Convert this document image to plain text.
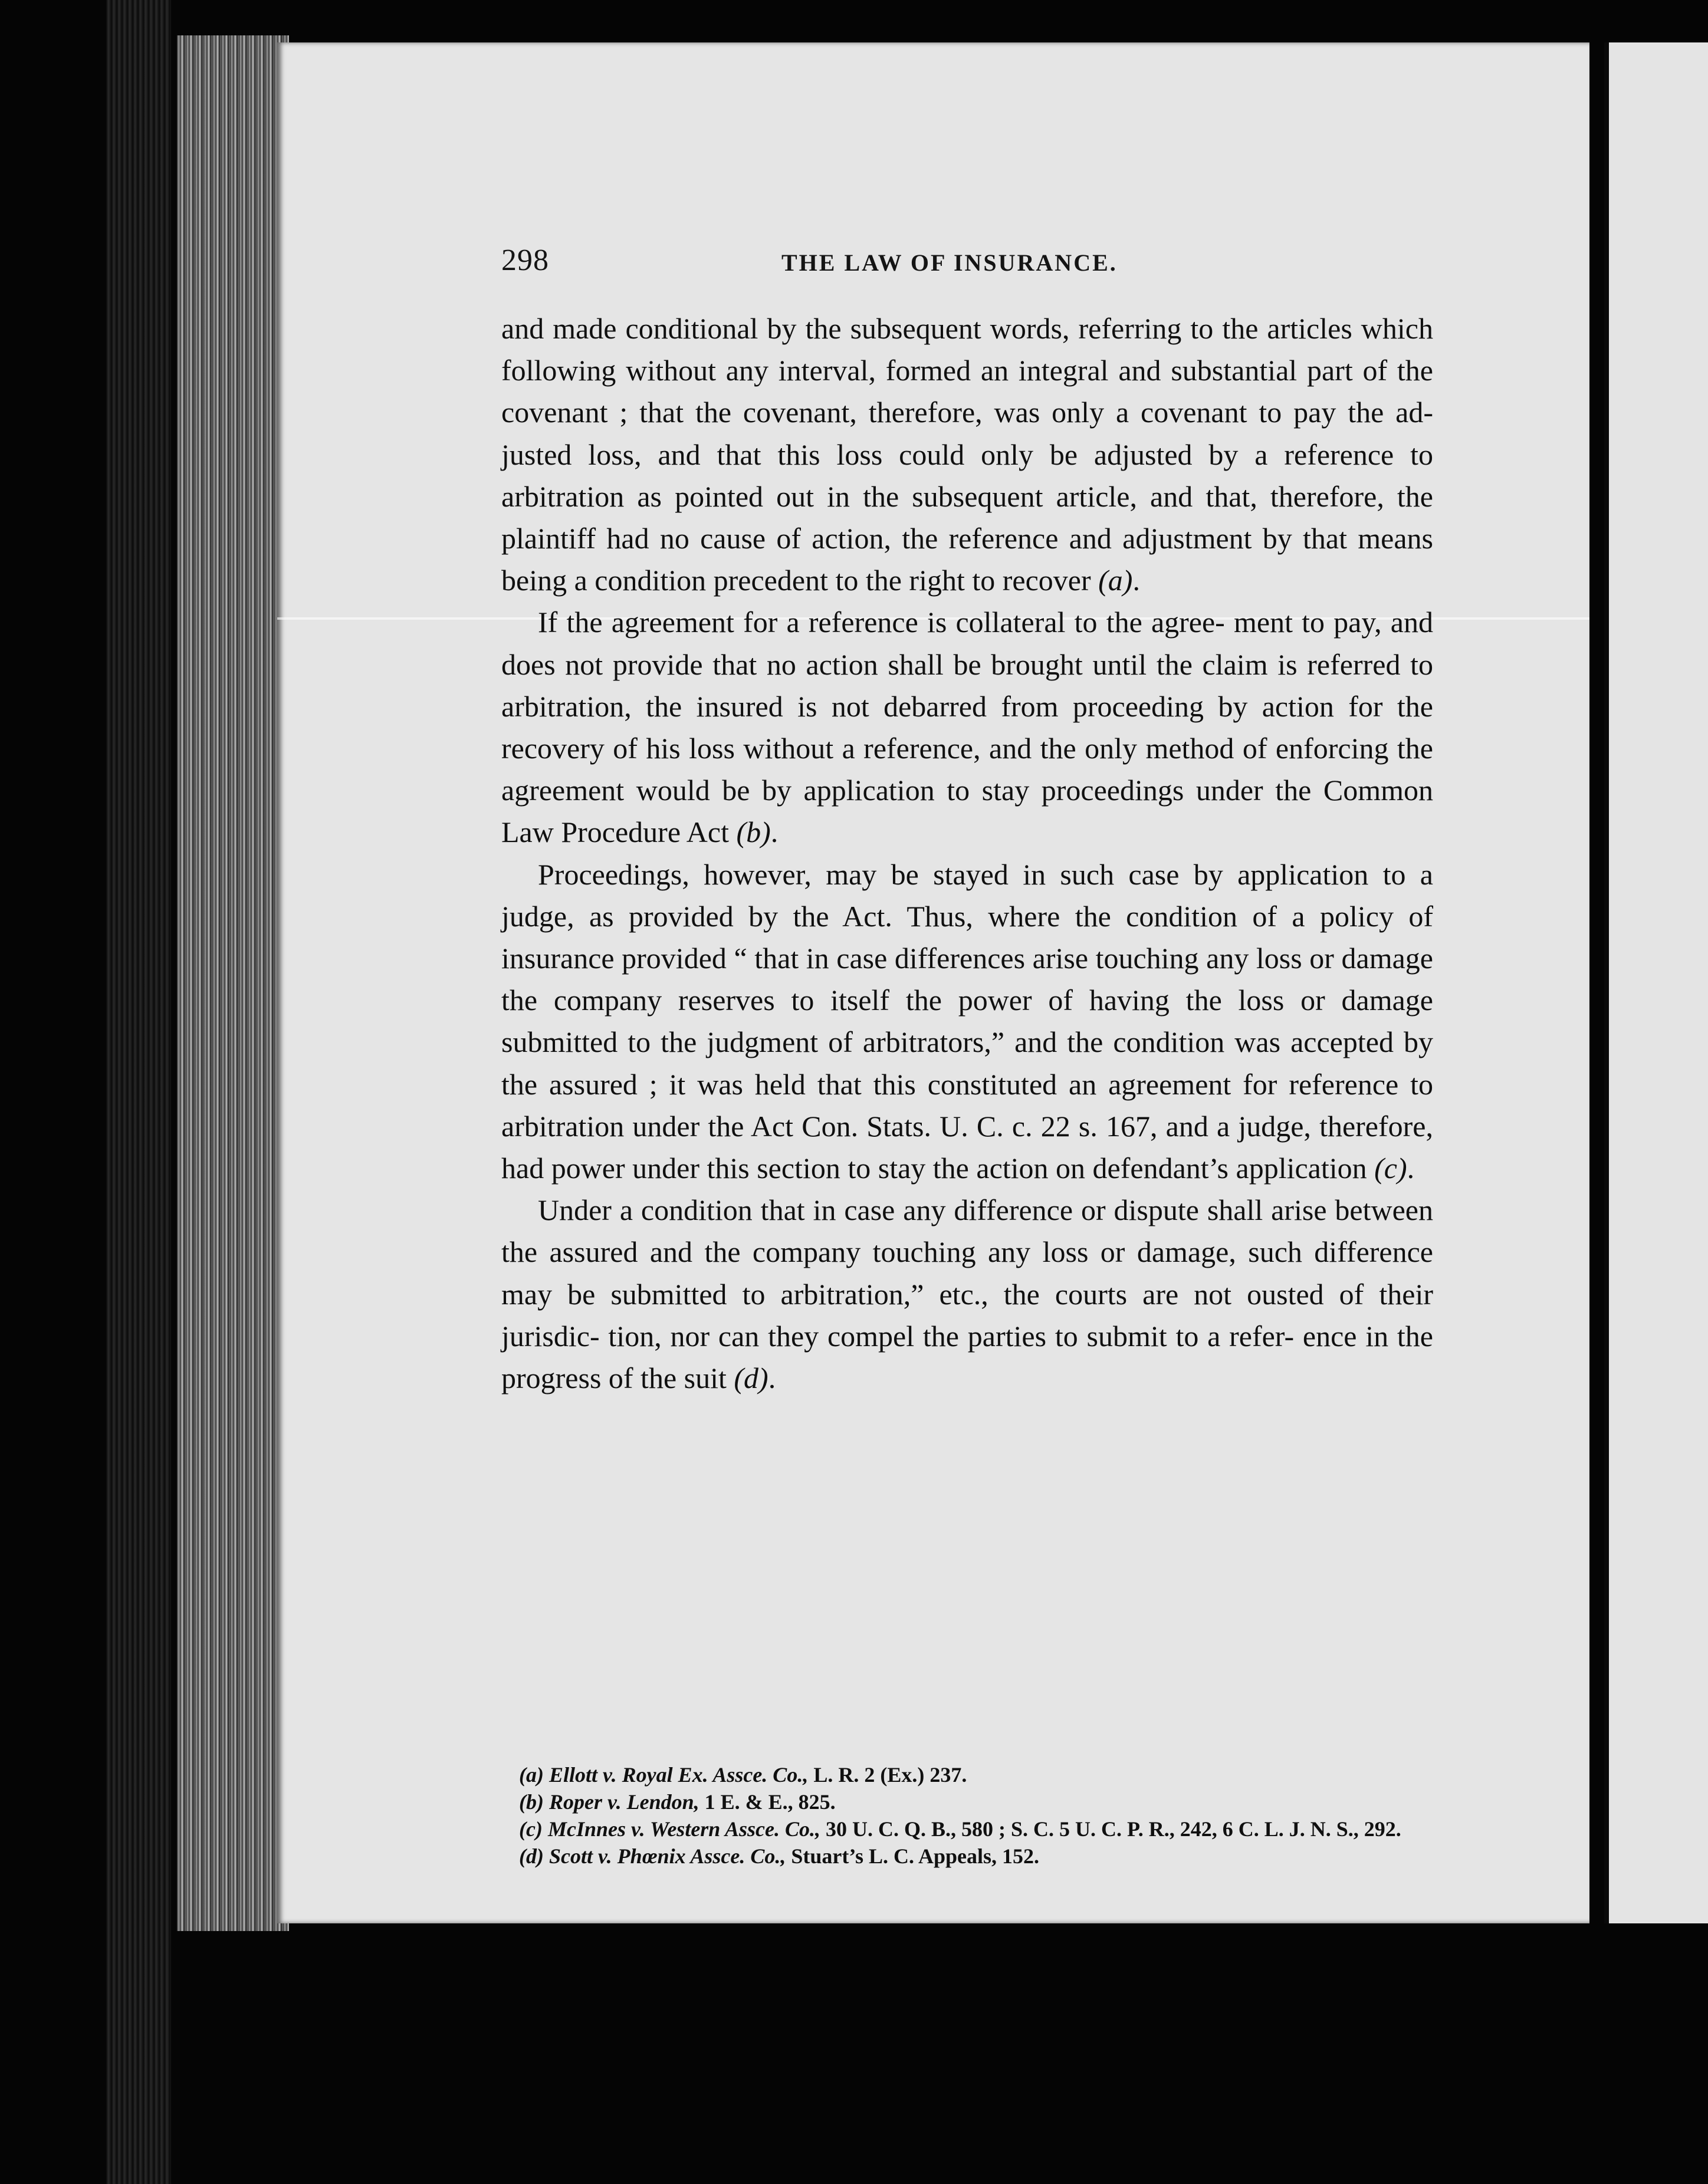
298	THE LAW OF INSURANCE.

and made conditional by the subsequent words, referring to the articles which following without any interval, formed an integral and substantial part of the covenant ; that the covenant, therefore, was only a covenant to pay the ad- justed loss, and that this loss could only be adjusted by a reference to arbitration as pointed out in the subsequent article, and that, therefore, the plaintiff had no cause of action, the reference and adjustment by that means being a condition precedent to the right to recover (a).

If the agreement for a reference is collateral to the agree- ment to pay, and does not provide that no action shall be brought until the claim is referred to arbitration, the insured is not debarred from proceeding by action for the recovery of his loss without a reference, and the only method of enforcing the agreement would be by application to stay proceedings under the Common Law Procedure Act (b).

Proceedings, however, may be stayed in such case by application to a judge, as provided by the Act. Thus, where the condition of a policy of insurance provided “ that in case differences arise touching any loss or damage the company reserves to itself the power of having the loss or damage submitted to the judgment of arbitrators,” and the condition was accepted by the assured ; it was held that this constituted an agreement for reference to arbitration under the Act Con. Stats. U. C. c. 22 s. 167, and a judge, therefore, had power under this section to stay the action on defendant’s application (c).

Under a condition that in case any difference or dispute shall arise between the assured and the company touching any loss or damage, such difference may be submitted to arbitration,” etc., the courts are not ousted of their jurisdic- tion, nor can they compel the parties to submit to a refer- ence in the progress of the suit (d).

(a) Ellott v. Royal Ex. Assce. Co., L. R. 2 (Ex.) 237.

(b) Roper v. Lendon, 1 E. & E., 825.

(c) McInnes v. Western Assce. Co., 30 U. C. Q. B., 580 ; S. C. 5 U. C. P. R., 242, 6 C. L. J. N. S., 292.

(d) Scott v. Phœnix Assce. Co., Stuart’s L. C. Appeals, 152.
